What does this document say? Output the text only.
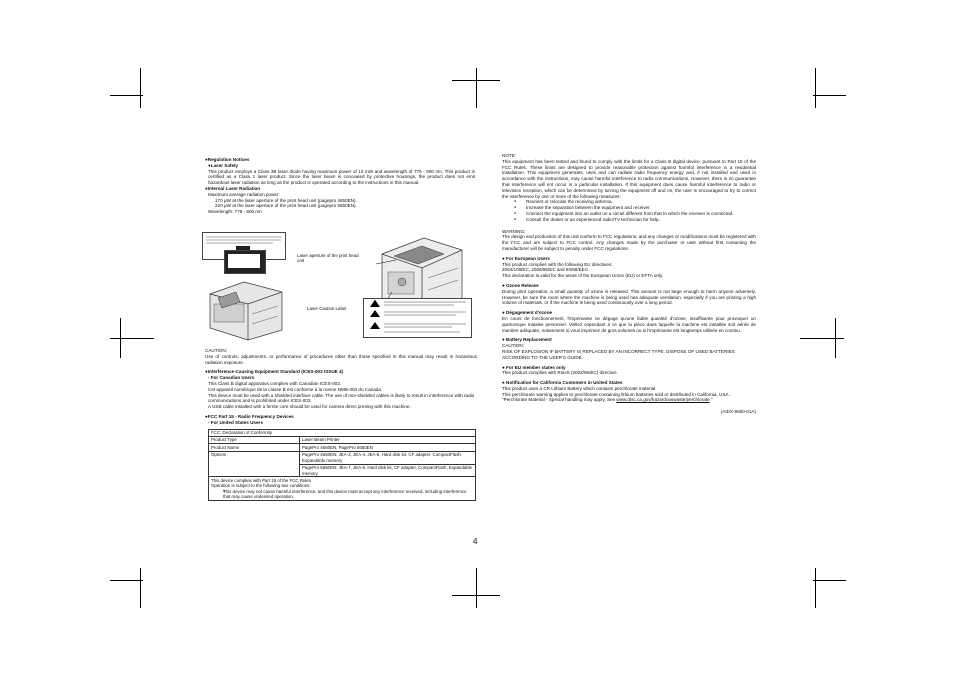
●Regulation Notices

●Laser Safety

This product employs a Class 3B laser diode having maximum power of 10 mW and wavelength of 775 - 800 nm. This product is certified as a Class 1 laser product. Since the laser beam is concealed by protective housings, the product does not emit hazardous laser radiation as long as the product is operated according to the instructions in this manual.

●Internal Laser Radiation

Maximum average radiation power:

170 µW at the laser aperture of the print head unit (pagepro 4650EN).

220 µW at the laser aperture of the print head unit (pagepro 5650EN).

Wavelength: 775 - 800 nm

Laser aperture of the print head unit
Laser Caution Label

CAUTION:

Use of controls, adjustments, or performance of procedures other than those specified in this manual may result in hazardous radiation exposure.

●Interference-Causing Equipment Standard (ICES-003 ISSUE 4)

- For Canadian Users

This Class B digital apparatus complies with Canadian ICES-003.

Cet appareil numérique de la classe B est conforme à la norme NMB-003 du Canada.

This device must be used with a shielded interface cable. The use of non-shielded cables is likely to result in interference with radio communications and is prohibited under ICES-003.

A USB cable installed with a ferrite core should be used for camera direct printing with this machine.

●FCC Part 15 - Radio Frequency Devices

- For United States Users

FCC: Declaration of Conformity	
Product Type	Laser Beam Printer
Product Name	PagePro 4650EN, PagePro 5650EN
Options	PagePro 4650EN: JEA-3, JEA-4, JEA-5, Hard disk kit, CF adapter, CompactFlash, Expandable memory
	PagePro 5650EN: JEA-7, JEA-6, Hard disk kit, CF adapter, CompactFlash, Expandable memory

This device complies with Part 15 of the FCC Rules

Operation is subject to the following two conditions:

● This device may not cause harmful interference, and this device must accept any interference received, including interference that may cause undesired operation.

NOTE:

This equipment has been tested and found to comply with the limits for a Class B digital device, pursuant to Part 15 of the FCC Rules. These limits are designed to provide reasonable protection against harmful interference in a residential installation. This equipment generates, uses and can radiate radio frequency energy and, if not installed and used in accordance with the instructions, may cause harmful interference to radio communications. However, there is no guarantee that interference will not occur in a particular installation. If this equipment does cause harmful interference to radio or television reception, which can be determined by turning the equipment off and on, the user is encouraged to try to correct the interference by one or more of the following measures:

● Reorient or relocate the receiving antenna.

● Increase the separation between the equipment and receiver.

● Connect the equipment into an outlet on a circuit different from that to which the receiver is connected.

● Consult the dealer or an experienced radio/TV technician for help.

WARNING:

The design and production of this unit conform to FCC regulations, and any changes or modifications must be registered with the FCC and are subject to FCC control. Any changes made by the purchaser or user without first contacting the manufacturer will be subject to penalty under FCC regulations.

● For European Users

This product complies with the following EU directives:

2004/108/EC, 2006/95/EC and 93/68/EEC.

This declaration is valid for the areas of the European Union (EU) or EFTA only.

● Ozone Release

During print operation, a small quantity of ozone is released. This amount is not large enough to harm anyone adversely. However, be sure the room where the machine is being used has adequate ventilation, especially if you are printing a high volume of materials, or if the machine is being used continuously over a long period.

● Dégagement d'ozone

En cours de fonctionnement, l'imprimante ne dégage qu'une faible quantité d'ozone, insuffisante pour provoquer un quelconque malaise personnel. Veillez cependant à ce que la pièce dans laquelle la machine est installée soit aérée de manière adéquate, notamment si vous imprimez de gros volumes ou si l'imprimante est longtemps utilisée en continu.

● Battery Replacement

CAUTION:

RISK OF EXPLOSION IF BATTERY IS REPLACED BY AN INCORRECT TYPE. DISPOSE OF USED BATTERIES ACCORDING TO THE USER'S GUIDE.

● For EU member states only

This product complies with RoHS (2002/95/EC) directive.

● Notification for California Customers in United States

This product uses a CR Lithium Battery which contains perchlorate material.

This perchlorate warning applies to perchlorate-containing lithium batteries sold or distributed in California, USA.

"Perchlorate Material - Special handling may apply, See www.dtsc.ca.gov/hazardouswaste/perchlorate."

(AIDX-9550-01A)
4
